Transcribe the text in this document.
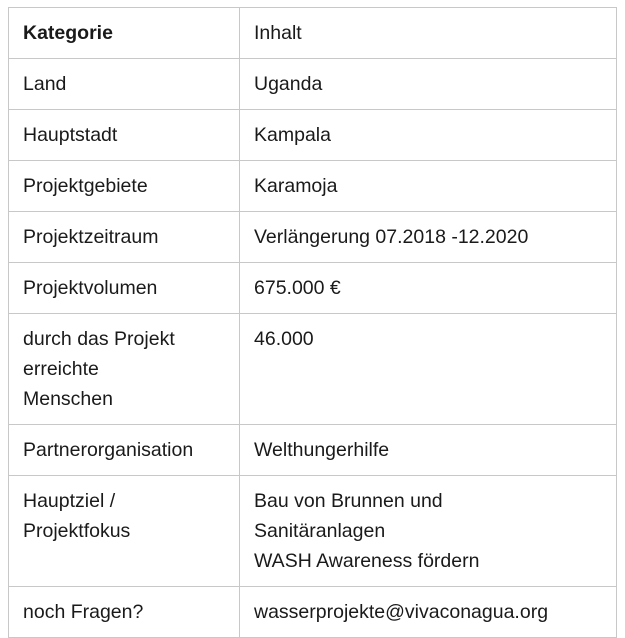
Kategorie	Inhalt

Land	Uganda

Hauptstadt	Kampala

Projektgebiete	Karamoja

Projektzeitraum	Verlängerung 07.2018 -12.2020

Projektvolumen	675.000 €

durch das Projekt
erreichte
Menschen	46.000

Partnerorganisation	Welthungerhilfe

Hauptziel /
Projektfokus	Bau von Brunnen und
Sanitäranlagen
WASH Awareness fördern

noch Fragen?	wasserprojekte@vivaconagua.org
